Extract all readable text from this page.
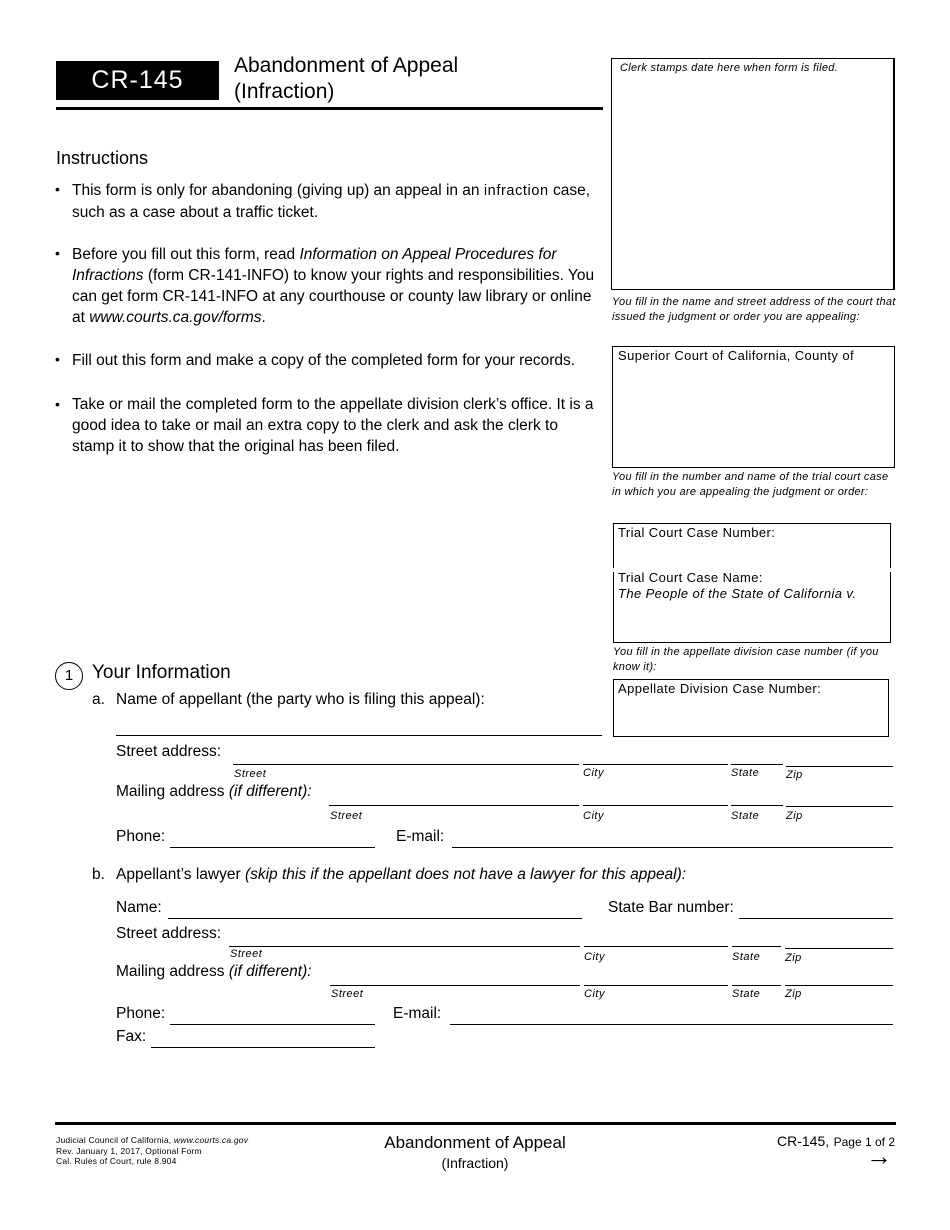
CR-145
Abandonment of Appeal
(Infraction)
Instructions
• This form is only for abandoning (giving up) an appeal in an infraction case, such as a case about a traffic ticket.
• Before you fill out this form, read Information on Appeal Procedures for Infractions (form CR-141-INFO) to know your rights and responsibilities. You can get form CR-141-INFO at any courthouse or county law library or online at www.courts.ca.gov/forms.
• Fill out this form and make a copy of the completed form for your records.
• Take or mail the completed form to the appellate division clerk’s office. It is a good idea to take or mail an extra copy to the clerk and ask the clerk to stamp it to show that the original has been filed.
Clerk stamps date here when form is filed.
You fill in the name and street address of the court that issued the judgment or order you are appealing:
Superior Court of California, County of
You fill in the number and name of the trial court case in which you are appealing the judgment or order:
Trial Court Case Number:
Trial Court Case Name:
The People of the State of California v.
You fill in the appellate division case number (if you know it):
Appellate Division Case Number:
1 Your Information
a. Name of appellant (the party who is filing this appeal):
Street address:
Street	City	State Zip
Mailing address (if different):
Street	City	State Zip
Phone:	E-mail:
b. Appellant’s lawyer (skip this if the appellant does not have a lawyer for this appeal):
Name:	State Bar number:
Street address:
Street	City	State Zip
Mailing address (if different):
Street	City	State Zip
Phone:	E-mail:
Fax:
Judicial Council of California, www.courts.ca.gov
Rev. January 1, 2017, Optional Form
Cal. Rules of Court, rule 8.904
Abandonment of Appeal
(Infraction)
CR-145, Page 1 of 2
→
